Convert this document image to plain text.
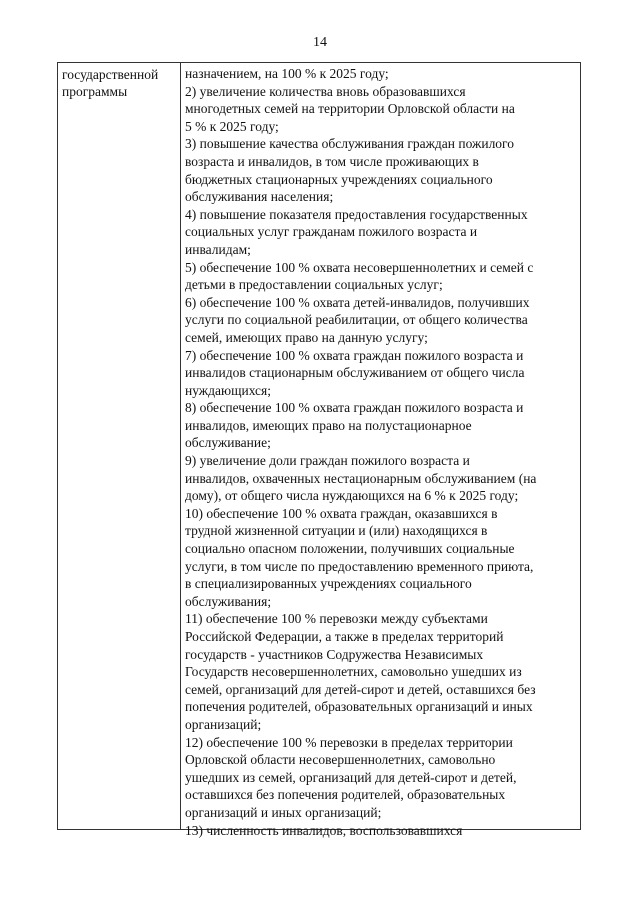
14
государственной
программы
назначением, на 100 % к 2025 году;
2) увеличение количества вновь образовавшихся
многодетных семей на территории Орловской области на
5 % к 2025 году;
3) повышение качества обслуживания граждан пожилого
возраста и инвалидов, в том числе проживающих в
бюджетных стационарных учреждениях социального
обслуживания населения;
4) повышение показателя предоставления государственных
социальных услуг гражданам пожилого возраста и
инвалидам;
5) обеспечение 100 % охвата несовершеннолетних и семей с
детьми в предоставлении социальных услуг;
6) обеспечение 100 % охвата детей-инвалидов, получивших
услуги по социальной реабилитации, от общего количества
семей, имеющих право на данную услугу;
7) обеспечение 100 % охвата граждан пожилого возраста и
инвалидов стационарным обслуживанием от общего числа
нуждающихся;
8) обеспечение 100 % охвата граждан пожилого возраста и
инвалидов, имеющих право на полустационарное
обслуживание;
9) увеличение доли граждан пожилого возраста и
инвалидов, охваченных нестационарным обслуживанием (на
дому), от общего числа нуждающихся на 6 % к 2025 году;
10) обеспечение 100 % охвата граждан, оказавшихся в
трудной жизненной ситуации и (или) находящихся в
социально опасном положении, получивших социальные
услуги, в том числе по предоставлению временного приюта,
в специализированных учреждениях социального
обслуживания;
11) обеспечение 100 % перевозки между субъектами
Российской Федерации, а также в пределах территорий
государств - участников Содружества Независимых
Государств несовершеннолетних, самовольно ушедших из
семей, организаций для детей-сирот и детей, оставшихся без
попечения родителей, образовательных организаций и иных
организаций;
12) обеспечение 100 % перевозки в пределах территории
Орловской области несовершеннолетних, самовольно
ушедших из семей, организаций для детей-сирот и детей,
оставшихся без попечения родителей, образовательных
организаций и иных организаций;
13) численность инвалидов, воспользовавшихся
